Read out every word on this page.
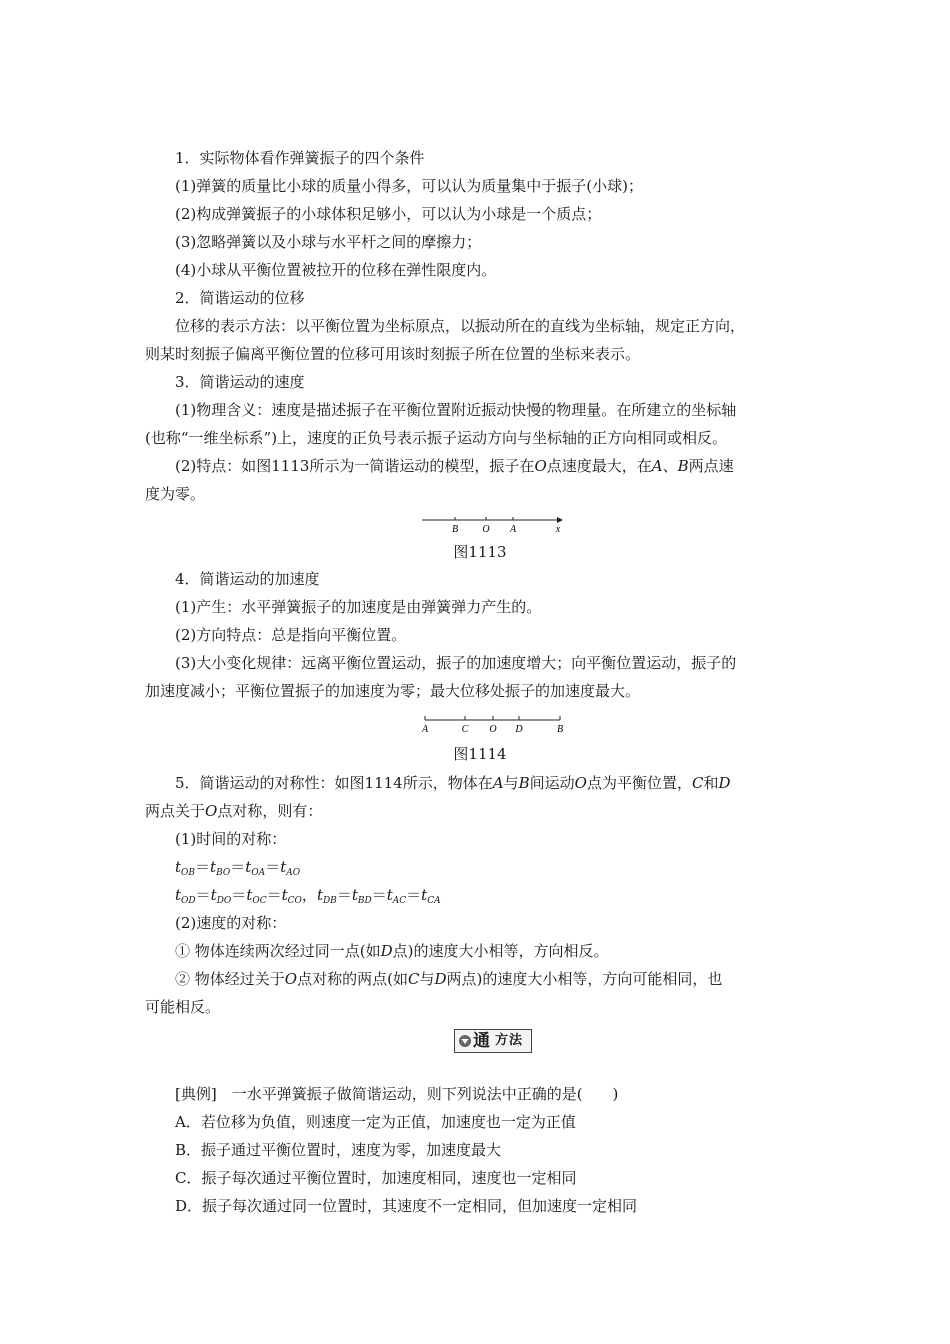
1．实际物体看作弹簧振子的四个条件
(1)弹簧的质量比小球的质量小得多，可以认为质量集中于振子(小球)；
(2)构成弹簧振子的小球体积足够小，可以认为小球是一个质点；
(3)忽略弹簧以及小球与水平杆之间的摩擦力；
(4)小球从平衡位置被拉开的位移在弹性限度内。
2．简谐运动的位移
位移的表示方法：以平衡位置为坐标原点，以振动所在的直线为坐标轴，规定正方向，
则某时刻振子偏离平衡位置的位移可用该时刻振子所在位置的坐标来表示。
3．简谐运动的速度
(1)物理含义：速度是描述振子在平衡位置附近振动快慢的物理量。在所建立的坐标轴
(也称“一维坐标系”)上，速度的正负号表示振子运动方向与坐标轴的正方向相同或相反。
(2)特点：如图1113所示为一简谐运动的模型，振子在O点速度最大，在A、B两点速
度为零。
B O A	x
图1113
4．简谐运动的加速度
(1)产生：水平弹簧振子的加速度是由弹簧弹力产生的。
(2)方向特点：总是指向平衡位置。
(3)大小变化规律：远离平衡位置运动，振子的加速度增大；向平衡位置运动，振子的
加速度减小；平衡位置振子的加速度为零；最大位移处振子的加速度最大。
A	C O D	B
图1114
5．简谐运动的对称性：如图1114所示，物体在A与B间运动O点为平衡位置，C和D
两点关于O点对称，则有：
(1)时间的对称：
$t_{OB}=t_{BO}=t_{OA}=t_{AO}$
$t_{OD}=t_{DO}=t_{OC}=t_{CO}$，$t_{DB}=t_{BD}=t_{AC}=t_{CA}$
(2)速度的对称：
① 物体连续两次经过同一点(如D点)的速度大小相等，方向相反。
② 物体经过关于O点对称的两点(如C与D两点)的速度大小相等，方向可能相同，也
可能相反。
通 方法
[典例]　一水平弹簧振子做简谐运动，则下列说法中正确的是(　　)
A．若位移为负值，则速度一定为正值，加速度也一定为正值
B．振子通过平衡位置时，速度为零，加速度最大
C．振子每次通过平衡位置时，加速度相同，速度也一定相同
D．振子每次通过同一位置时，其速度不一定相同，但加速度一定相同
